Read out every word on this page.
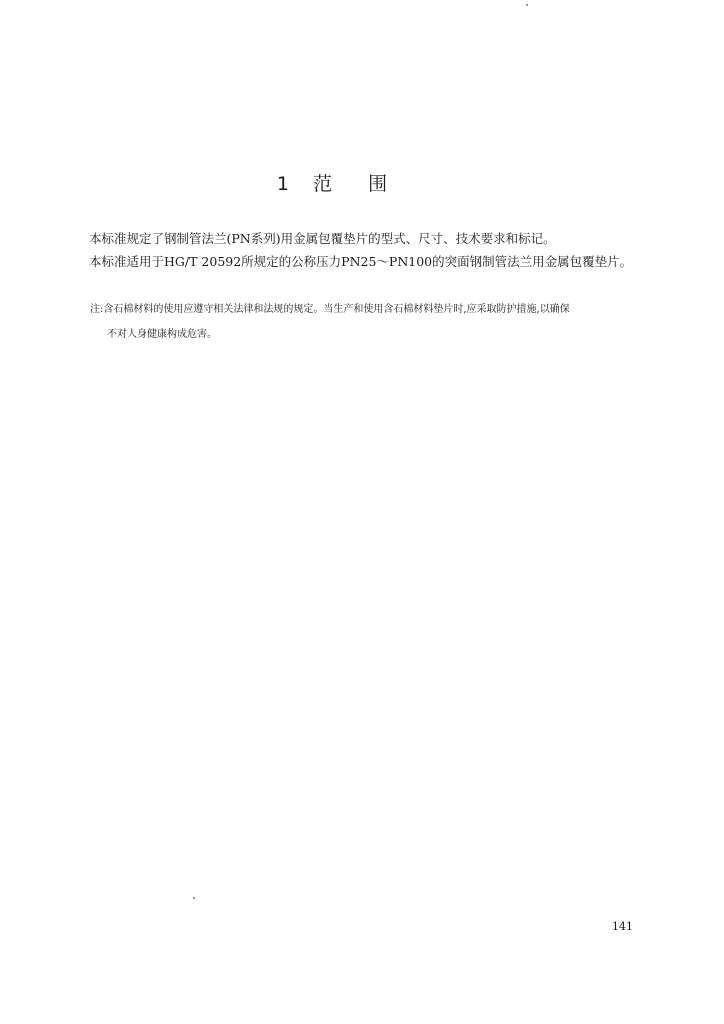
1 范围
本标准规定了钢制管法兰(PN系列)用金属包覆垫片的型式、尺寸、技术要求和标记。
本标准适用于HG/T 20592所规定的公称压力PN25～PN100的突面钢制管法兰用金属包覆垫片。
注:含石棉材料的使用应遵守相关法律和法规的规定。当生产和使用含石棉材料垫片时,应采取防护措施,以确保
不对人身健康构成危害。
141
